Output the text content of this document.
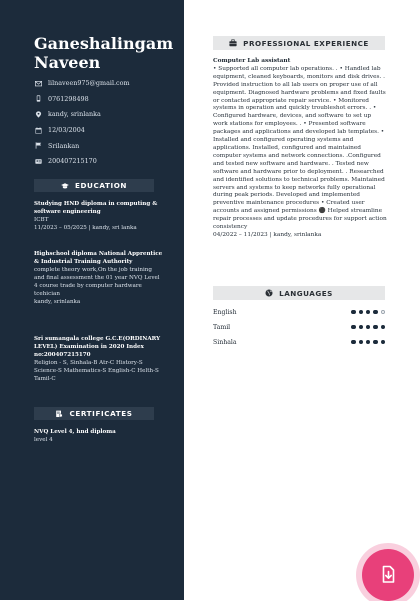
Ganeshalingam Naveen
lilnaveen975@gmail.com
0761298498
kandy, srinlanka
12/03/2004
Srilankan
200407215170
EDUCATION
Studying HND diploma in computing & software engineering
ICBT
11/2023 – 05/2025 | kandy, sri lanka
Highschool diploma National Apprentice & Industrial Training Authority
complete theory work,On the job training and final assessment the 01 year NVQ Level 4 course trade by computer hardware tcehician
kandy, srinlanka
Sri sumangala college G.C.E(ORDINARY LEVEL) Examination in 2020 Index no:200407215170
Religion - S, Sinhala-B Atr-C History-S Science-S Mathematics-S English-C Helth-S Tamil-C
CERTIFICATES
NVQ Level 4, hnd diploma
level 4
PROFESSIONAL EXPERIENCE
Computer Lab assistant
• Supported all computer lab operations. . • Handled lab equipment, cleaned keyboards, monitors and disk drives. . Provided instruction to all lab users on proper use of all equipment. Diagnosed hardware problems and fixed faults or contacted appropriate repair service. • Monitored systems in operation and quickly troubleshot errors. . • Configured hardware, devices, and software to set up work stations for employees. . • Presented software packages and applications and developed lab templates. • Installed and configured operating systems and applications. Installed, configured and maintained computer systems and network connections. .Configured and tested new software and hardware. . Tested new software and hardware prior to deployment. . Researched and identified solutions to technical problems. Maintained servers and systems to keep networks fully operational during peak periods. Developed and implemented preventive maintenance procedures • Created user accounts and assigned permissions ⚫ Helped streamline repair processes and update procedures for support action consistency
04/2022 – 11/2023 | kandy, srinlanka
LANGUAGES
English
Tamil
Sinhala
